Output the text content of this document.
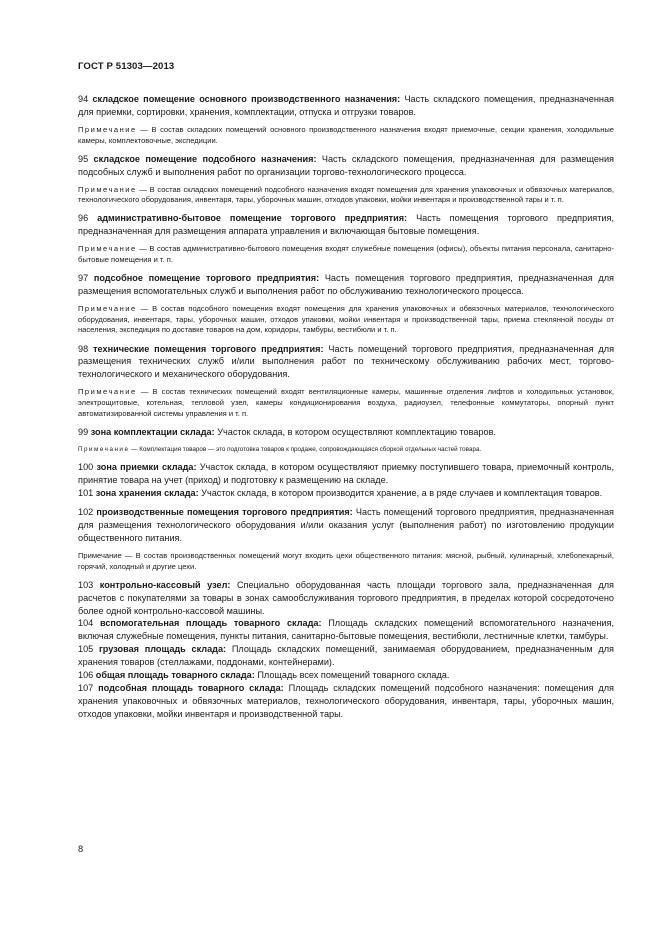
ГОСТ Р 51303—2013

94 складское помещение основного производственного назначения: Часть складского помещения, предназначенная для приемки, сортировки, хранения, комплектации, отпуска и отгрузки товаров.

Примечание — В состав складских помещений основного производственного назначения входят приемочные, секции хранения, холодильные камеры, комплектовочные, экспедиции.

95 складское помещение подсобного назначения: Часть складского помещения, предназначенная для размещения подсобных служб и выполнения работ по организации торгово-технологического процесса.

Примечание — В состав складских помещений подсобного назначения входят помещения для хранения упаковочных и обвязочных материалов, технологического оборудования, инвентаря, тары, уборочных машин, отходов упаковки, мойки инвентаря и производственной тары и т. п.

96 административно-бытовое помещение торгового предприятия: Часть помещения торгового предприятия, предназначенная для размещения аппарата управления и включающая бытовые помещения.

Примечание — В состав административно-бытового помещения входят служебные помещения (офисы), объекты питания персонала, санитарно-бытовые помещения и т. п.

97 подсобное помещение торгового предприятия: Часть помещения торгового предприятия, предназначенная для размещения вспомогательных служб и выполнения работ по обслуживанию технологического процесса.

Примечание — В состав подсобного помещения входят помещения для хранения упаковочных и обвязочных материалов, технологического оборудования, инвентаря, тары, уборочных машин, отходов упаковки, мойки инвентаря и производственной тары, приема стеклянной посуды от населения, экспедиция по доставке товаров на дом, коридоры, тамбуры, вестибюли и т. п.

98 технические помещения торгового предприятия: Часть помещений торгового предприятия, предназначенная для размещения технических служб и/или выполнения работ по техническому обслуживанию рабочих мест, торгово-технологического и механического оборудования.

Примечание — В состав технических помещений входят вентиляционные камеры, машинные отделения лифтов и холодильных установок, электрощитовые, котельная, тепловой узел, камеры кондиционирования воздуха, радиоузел, телефонные коммутаторы, опорный пункт автоматизированной системы управления и т. п.

99 зона комплектации склада: Участок склада, в котором осуществляют комплектацию товаров.

Примечание — Комплектация товаров — это подготовка товаров к продаже, сопровождающаяся сборкой отдельных частей товара.

100 зона приемки склада: Участок склада, в котором осуществляют приемку поступившего товара, приемочный контроль, принятие товара на учет (приход) и подготовку к размещению на складе.

101 зона хранения склада: Участок склада, в котором производится хранение, а в ряде случаев и комплектация товаров.

102 производственные помещения торгового предприятия: Часть помещений торгового предприятия, предназначенная для размещения технологического оборудования и/или оказания услуг (выполнения работ) по изготовлению продукции общественного питания.

Примечание — В состав производственных помещений могут входить цехи общественного питания: мясной, рыбный, кулинарный, хлебопекарный, горячий, холодный и другие цехи.

103 контрольно-кассовый узел: Специально оборудованная часть площади торгового зала, предназначенная для расчетов с покупателями за товары в зонах самообслуживания торгового предприятия, в пределах которой сосредоточено более одной контрольно-кассовой машины.

104 вспомогательная площадь товарного склада: Площадь складских помещений вспомогательного назначения, включая служебные помещения, пункты питания, санитарно-бытовые помещения, вестибюли, лестничные клетки, тамбуры.

105 грузовая площадь склада: Площадь складских помещений, занимаемая оборудованием, предназначенным для хранения товаров (стеллажами, поддонами, контейнерами).

106 общая площадь товарного склада: Площадь всех помещений товарного склада.

107 подсобная площадь товарного склада: Площадь складских помещений подсобного назначения: помещения для хранения упаковочных и обвязочных материалов, технологического оборудования, инвентаря, тары, уборочных машин, отходов упаковки, мойки инвентаря и производственной тары.

8
